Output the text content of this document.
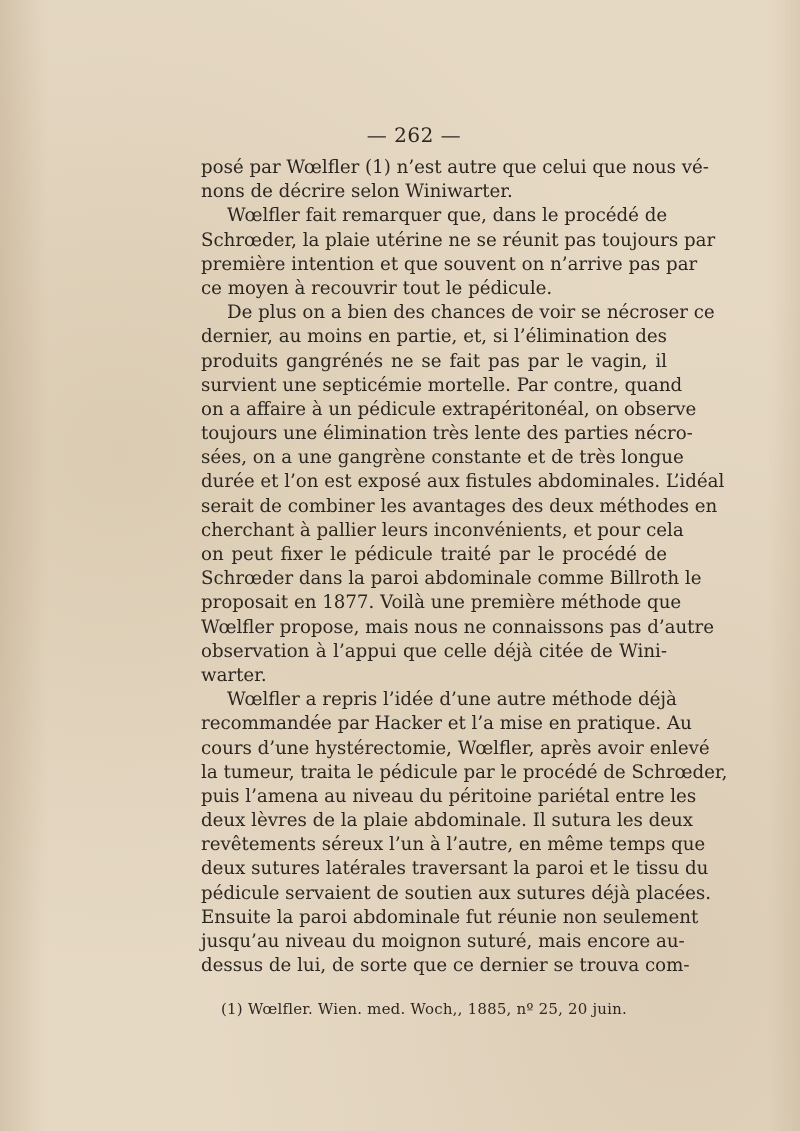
— 262 —
posé par Wœlfler (1) n’est autre que celui que nous vé-
nons de décrire selon Winiwarter.
Wœlfler fait remarquer que, dans le procédé de
Schrœder, la plaie utérine ne se réunit pas toujours par
première intention et que souvent on n’arrive pas par
ce moyen à recouvrir tout le pédicule.
De plus on a bien des chances de voir se nécroser ce
dernier, au moins en partie, et, si l’élimination des
produits gangrénés ne se fait pas par le vagin, il
survient une septicémie mortelle. Par contre, quand
on a affaire à un pédicule extrapéritonéal, on observe
toujours une élimination très lente des parties nécro-
sées, on a une gangrène constante et de très longue
durée et l’on est exposé aux fistules abdominales. L’idéal
serait de combiner les avantages des deux méthodes en
cherchant à pallier leurs inconvénients, et pour cela
on peut fixer le pédicule traité par le procédé de
Schrœder dans la paroi abdominale comme Billroth le
proposait en 1877. Voilà une première méthode que
Wœlfler propose, mais nous ne connaissons pas d’autre
observation à l’appui que celle déjà citée de Wini-
warter.
Wœlfler a repris l’idée d’une autre méthode déjà
recommandée par Hacker et l’a mise en pratique. Au
cours d’une hystérectomie, Wœlfler, après avoir enlevé
la tumeur, traita le pédicule par le procédé de Schrœder,
puis l’amena au niveau du péritoine pariétal entre les
deux lèvres de la plaie abdominale. Il sutura les deux
revêtements séreux l’un à l’autre, en même temps que
deux sutures latérales traversant la paroi et le tissu du
pédicule servaient de soutien aux sutures déjà placées.
Ensuite la paroi abdominale fut réunie non seulement
jusqu’au niveau du moignon suturé, mais encore au-
dessus de lui, de sorte que ce dernier se trouva com-
(1) Wœlfler. Wien. med. Woch,, 1885, nº 25, 20 juin.
